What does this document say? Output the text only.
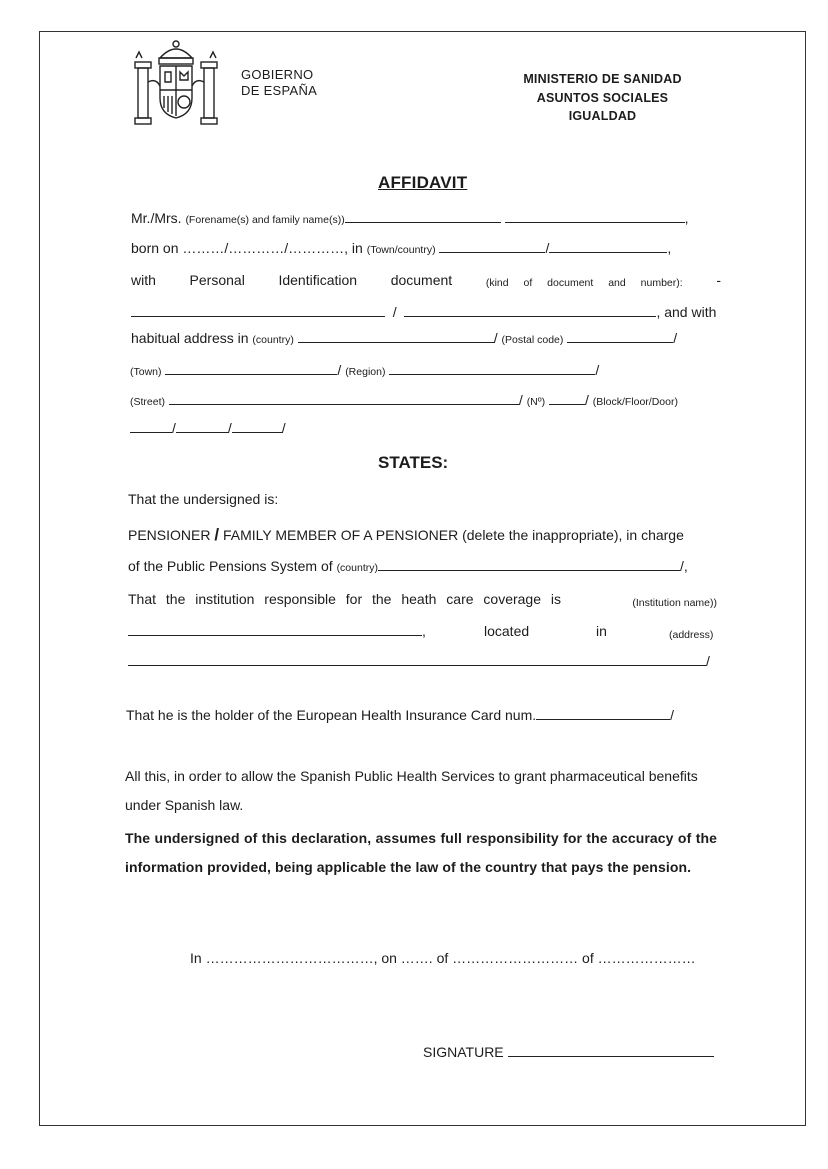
GOBIERNO
DE ESPAÑA
MINISTERIO DE SANIDAD
ASUNTOS SOCIALES
IGUALDAD
AFFIDAVIT
Mr./Mrs. (Forename(s) and family name(s))	,
born on ………/…………/…………, in (Town/country)	/	,
with Personal Identification document	(kind of document and number): -
/	, and with
habitual address in (country)	/ (Postal code)	/
(Town)	/ (Region)	/
(Street)	/ (Nº)	/ (Block/Floor/Door)
/	/	/
STATES:
That the undersigned is:
PENSIONER / FAMILY MEMBER OF A PENSIONER (delete the inappropriate), in charge
of the Public Pensions System of (country)	/,
That the institution responsible for the heath care coverage is	(Institution name))
,	located	in	(address)
/
That he is the holder of the European Health Insurance Card num.	/
All this, in order to allow the Spanish Public Health Services to grant pharmaceutical benefits under Spanish law.
The undersigned of this declaration, assumes full responsibility for the accuracy of the information provided, being applicable the law of the country that pays the pension.
In ………………………………, on ……. of ……………………… of …………………
SIGNATURE
